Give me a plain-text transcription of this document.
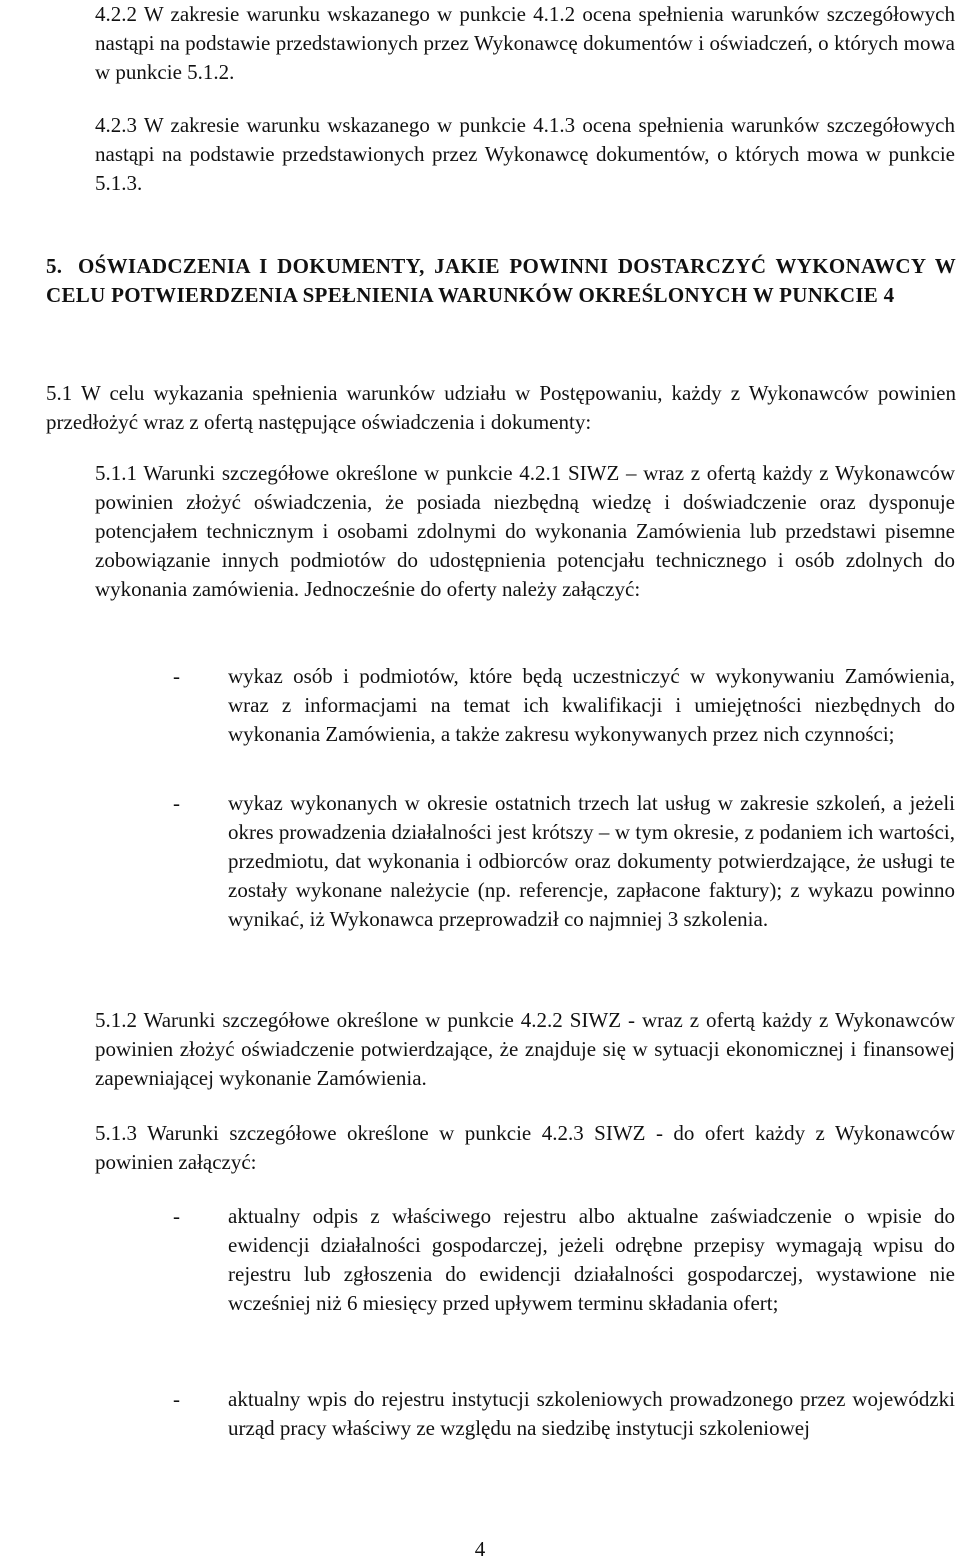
4.2.2 W zakresie warunku wskazanego w punkcie 4.1.2 ocena spełnienia warunków szczegółowych nastąpi na podstawie przedstawionych przez Wykonawcę dokumentów i oświadczeń, o których mowa w punkcie 5.1.2.

4.2.3 W zakresie warunku wskazanego w punkcie 4.1.3 ocena spełnienia warunków szczegółowych nastąpi na podstawie przedstawionych przez Wykonawcę dokumentów, o których mowa w punkcie 5.1.3.

5. OŚWIADCZENIA I DOKUMENTY, JAKIE POWINNI DOSTARCZYĆ WYKONAWCY W CELU POTWIERDZENIA SPEŁNIENIA WARUNKÓW OKREŚLONYCH W PUNKCIE 4

5.1 W celu wykazania spełnienia warunków udziału w Postępowaniu, każdy z Wykonawców powinien przedłożyć wraz z ofertą następujące oświadczenia i dokumenty:

5.1.1 Warunki szczegółowe określone w punkcie 4.2.1 SIWZ – wraz z ofertą każdy z Wykonawców powinien złożyć oświadczenia, że posiada niezbędną wiedzę i doświadczenie oraz dysponuje potencjałem technicznym i osobami zdolnymi do wykonania Zamówienia lub przedstawi pisemne zobowiązanie innych podmiotów do udostępnienia potencjału technicznego i osób zdolnych do wykonania zamówienia. Jednocześnie do oferty należy załączyć:

- wykaz osób i podmiotów, które będą uczestniczyć w wykonywaniu Zamówienia, wraz z informacjami na temat ich kwalifikacji i umiejętności niezbędnych do wykonania Zamówienia, a także zakresu wykonywanych przez nich czynności;

- wykaz wykonanych w okresie ostatnich trzech lat usług w zakresie szkoleń, a jeżeli okres prowadzenia działalności jest krótszy – w tym okresie, z podaniem ich wartości, przedmiotu, dat wykonania i odbiorców oraz dokumenty potwierdzające, że usługi te zostały wykonane należycie (np. referencje, zapłacone faktury); z wykazu powinno wynikać, iż Wykonawca przeprowadził co najmniej 3 szkolenia.

5.1.2 Warunki szczegółowe określone w punkcie 4.2.2 SIWZ - wraz z ofertą każdy z Wykonawców powinien złożyć oświadczenie potwierdzające, że znajduje się w sytuacji ekonomicznej i finansowej zapewniającej wykonanie Zamówienia.

5.1.3 Warunki szczegółowe określone w punkcie 4.2.3 SIWZ - do ofert każdy z Wykonawców powinien załączyć:

- aktualny odpis z właściwego rejestru albo aktualne zaświadczenie o wpisie do ewidencji działalności gospodarczej, jeżeli odrębne przepisy wymagają wpisu do rejestru lub zgłoszenia do ewidencji działalności gospodarczej, wystawione nie wcześniej niż 6 miesięcy przed upływem terminu składania ofert;

- aktualny wpis do rejestru instytucji szkoleniowych prowadzonego przez wojewódzki urząd pracy właściwy ze względu na siedzibę instytucji szkoleniowej

4
